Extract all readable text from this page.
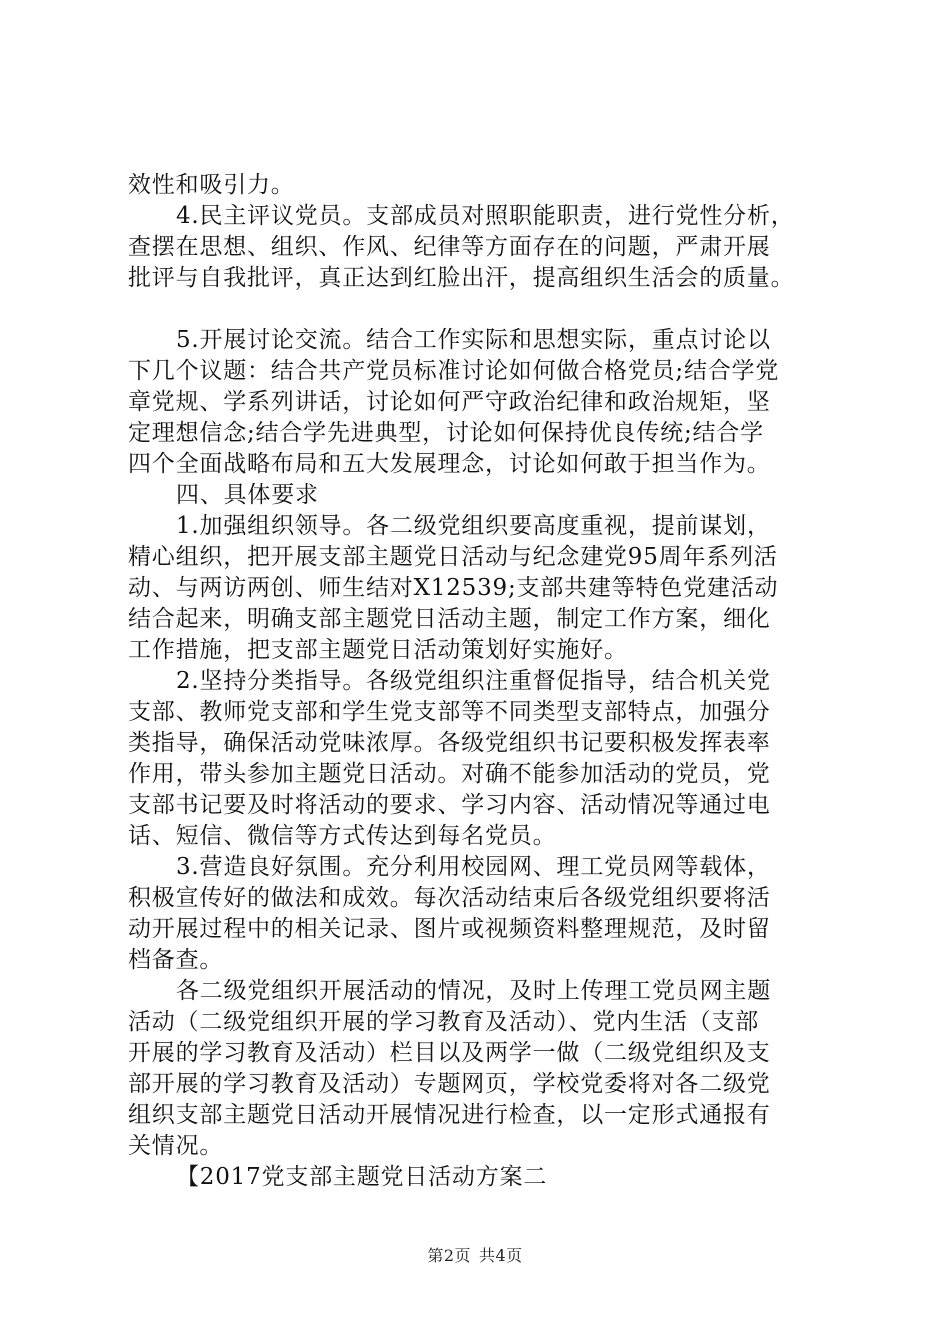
效性和吸引力。
4.民主评议党员。支部成员对照职能职责，进行党性分析，
查摆在思想、组织、作风、纪律等方面存在的问题，严肃开展
批评与自我批评，真正达到红脸出汗，提高组织生活会的质量。
5.开展讨论交流。结合工作实际和思想实际，重点讨论以
下几个议题：结合共产党员标准讨论如何做合格党员;结合学党
章党规、学系列讲话，讨论如何严守政治纪律和政治规矩，坚
定理想信念;结合学先进典型，讨论如何保持优良传统;结合学
四个全面战略布局和五大发展理念，讨论如何敢于担当作为。
四、具体要求
1.加强组织领导。各二级党组织要高度重视，提前谋划，
精心组织，把开展支部主题党日活动与纪念建党95周年系列活
动、与两访两创、师生结对X12539;支部共建等特色党建活动
结合起来，明确支部主题党日活动主题，制定工作方案，细化
工作措施，把支部主题党日活动策划好实施好。
2.坚持分类指导。各级党组织注重督促指导，结合机关党
支部、教师党支部和学生党支部等不同类型支部特点，加强分
类指导，确保活动党味浓厚。各级党组织书记要积极发挥表率
作用，带头参加主题党日活动。对确不能参加活动的党员，党
支部书记要及时将活动的要求、学习内容、活动情况等通过电
话、短信、微信等方式传达到每名党员。
3.营造良好氛围。充分利用校园网、理工党员网等载体，
积极宣传好的做法和成效。每次活动结束后各级党组织要将活
动开展过程中的相关记录、图片或视频资料整理规范，及时留
档备查。
各二级党组织开展活动的情况，及时上传理工党员网主题
活动（二级党组织开展的学习教育及活动）、党内生活（支部
开展的学习教育及活动）栏目以及两学一做（二级党组织及支
部开展的学习教育及活动）专题网页，学校党委将对各二级党
组织支部主题党日活动开展情况进行检查，以一定形式通报有
关情况。
【2017党支部主题党日活动方案二
第2页 共4页
